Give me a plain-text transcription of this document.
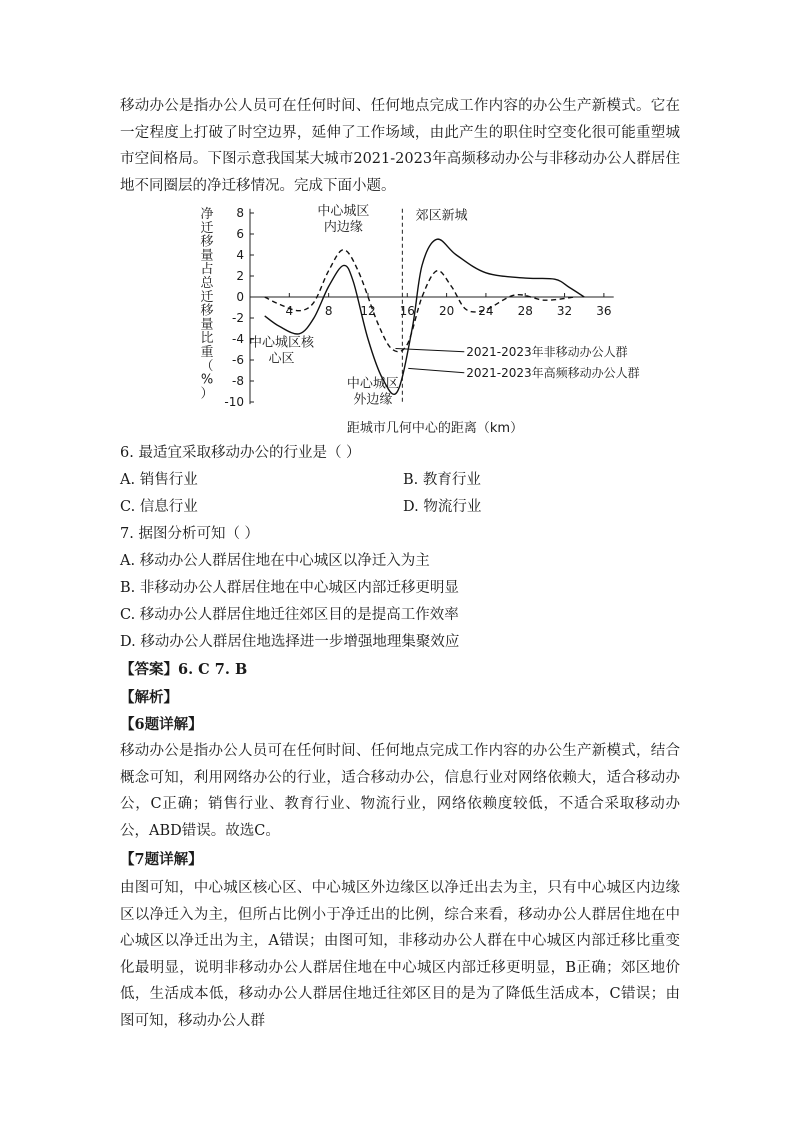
移动办公是指办公人员可在任何时间、任何地点完成工作内容的办公生产新模式。它在一定程度上打破了时空边界，延伸了工作场域，由此产生的职住时空变化很可能重塑城市空间格局。下图示意我国某大城市2021-2023年高频移动办公与非移动办公人群居住地不同圈层的净迁移情况。完成下面小题。
8
6
4
2
0
-2
-4
-6
-8
-10
4	8 12 16 20 24 28 32 36
净迁移量占总迁移量比重（%）
距城市几何中心的距离（km）
中心城区核心区
中心城区内边缘
中心城区外边缘
郊区新城
2021-2023年非移动办公人群
2021-2023年高频移动办公人群
6. 最适宜采取移动办公的行业是（ ）
A. 销售行业	B. 教育行业
C. 信息行业	D. 物流行业
7. 据图分析可知（ ）
A. 移动办公人群居住地在中心城区以净迁入为主
B. 非移动办公人群居住地在中心城区内部迁移更明显
C. 移动办公人群居住地迁往郊区目的是提高工作效率
D. 移动办公人群居住地选择进一步增强地理集聚效应
【答案】6. C 7. B
【解析】
【6题详解】
移动办公是指办公人员可在任何时间、任何地点完成工作内容的办公生产新模式，结合概念可知，利用网络办公的行业，适合移动办公，信息行业对网络依赖大，适合移动办公，C正确；销售行业、教育行业、物流行业，网络依赖度较低，不适合采取移动办公，ABD错误。故选C。
【7题详解】
由图可知，中心城区核心区、中心城区外边缘区以净迁出去为主，只有中心城区内边缘区以净迁入为主，但所占比例小于净迁出的比例，综合来看，移动办公人群居住地在中心城区以净迁出为主，A错误；由图可知，非移动办公人群在中心城区内部迁移比重变化最明显，说明非移动办公人群居住地在中心城区内部迁移更明显，B正确；郊区地价低，生活成本低，移动办公人群居住地迁往郊区目的是为了降低生活成本，C错误；由图可知，移动办公人群
